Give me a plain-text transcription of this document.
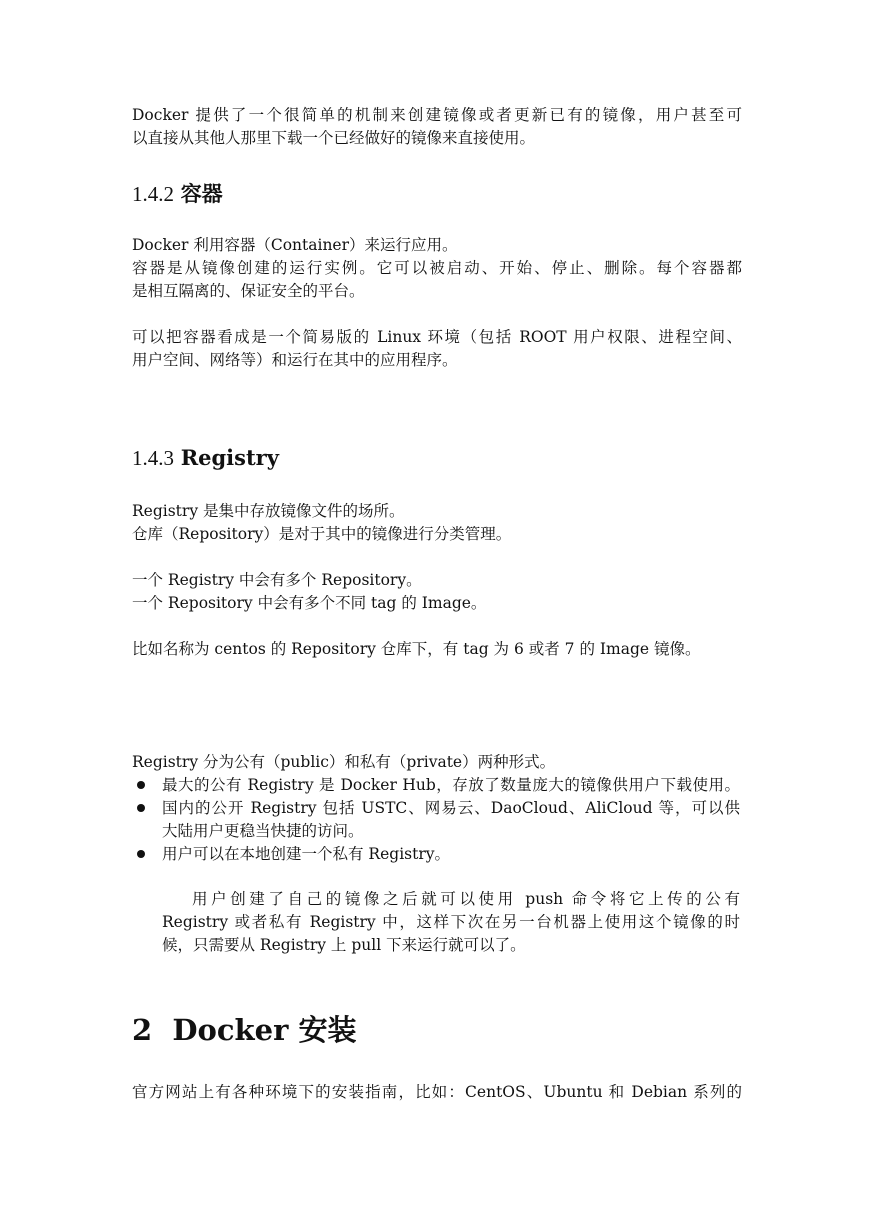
Docker 提供了一个很简单的机制来创建镜像或者更新已有的镜像，用户甚至可
以直接从其他人那里下载一个已经做好的镜像来直接使用。
1.4.2 容器
Docker 利用容器（Container）来运行应用。
容器是从镜像创建的运行实例。它可以被启动、开始、停止、删除。每个容器都
是相互隔离的、保证安全的平台。
可以把容器看成是一个简易版的 Linux 环境（包括 ROOT 用户权限、进程空间、
用户空间、网络等）和运行在其中的应用程序。
1.4.3 Registry
Registry 是集中存放镜像文件的场所。
仓库（Repository）是对于其中的镜像进行分类管理。
一个 Registry 中会有多个 Repository。
一个 Repository 中会有多个不同 tag 的 Image。
比如名称为 centos 的 Repository 仓库下，有 tag 为 6 或者 7 的 Image 镜像。
Registry 分为公有（public）和私有（private）两种形式。
最大的公有 Registry 是 Docker Hub，存放了数量庞大的镜像供用户下载使用。
国内的公开 Registry 包括 USTC、网易云、DaoCloud、AliCloud 等，可以供
大陆用户更稳当快捷的访问。
用户可以在本地创建一个私有 Registry。
用户创建了自己的镜像之后就可以使用 push 命令将它上传的公有
Registry 或者私有 Registry 中，这样下次在另一台机器上使用这个镜像的时
候，只需要从 Registry 上 pull 下来运行就可以了。
2 Docker 安装
官方网站上有各种环境下的安装指南，比如：CentOS、Ubuntu 和 Debian 系列的
